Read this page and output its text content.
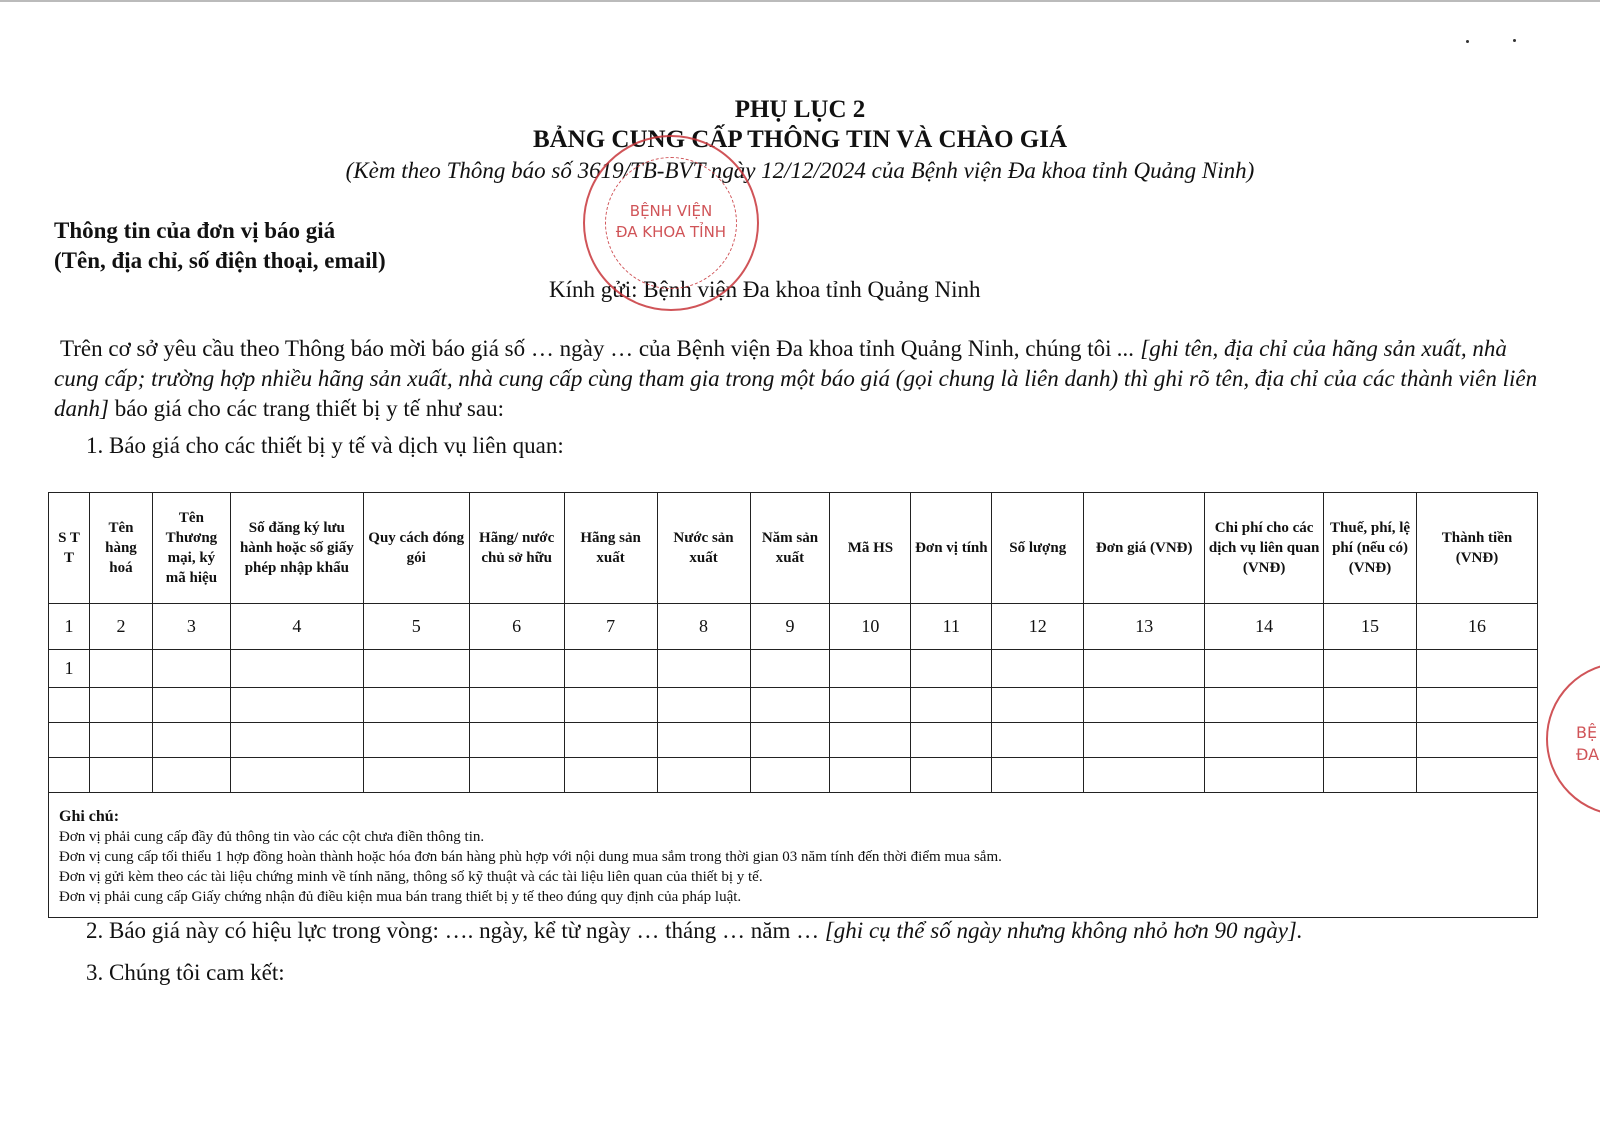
PHỤ LỤC 2
BẢNG CUNG CẤP THÔNG TIN VÀ CHÀO GIÁ
(Kèm theo Thông báo số 3619/TB-BVT ngày 12/12/2024 của Bệnh viện Đa khoa tỉnh Quảng Ninh)
Thông tin của đơn vị báo giá
(Tên, địa chỉ, số điện thoại, email)
Kính gửi: Bệnh viện Đa khoa tỉnh Quảng Ninh
Trên cơ sở yêu cầu theo Thông báo mời báo giá số … ngày … của Bệnh viện Đa khoa tỉnh Quảng Ninh, chúng tôi ... [ghi tên, địa chỉ của hãng sản xuất, nhà cung cấp; trường hợp nhiều hãng sản xuất, nhà cung cấp cùng tham gia trong một báo giá (gọi chung là liên danh) thì ghi rõ tên, địa chỉ của các thành viên liên danh] báo giá cho các trang thiết bị y tế như sau:
1. Báo giá cho các thiết bị y tế và dịch vụ liên quan:
S T T	Tên hàng hoá	Tên Thương mại, ký mã hiệu	Số đăng ký lưu hành hoặc số giấy phép nhập khẩu	Quy cách đóng gói	Hãng/ nước chủ sở hữu	Hãng sản xuất	Nước sản xuất	Năm sản xuất	Mã HS	Đơn vị tính	Số lượng	Đơn giá (VNĐ)	Chi phí cho các dịch vụ liên quan (VNĐ)	Thuế, phí, lệ phí (nếu có) (VNĐ)	Thành tiền (VNĐ)
1	2	3	4	5	6	7	8	9	10	11	12	13	14	15	16
1															

Ghi chú:
Đơn vị phải cung cấp đầy đủ thông tin vào các cột chưa điền thông tin.
Đơn vị cung cấp tối thiểu 1 hợp đồng hoàn thành hoặc hóa đơn bán hàng phù hợp với nội dung mua sắm trong thời gian 03 năm tính đến thời điểm mua sắm.
Đơn vị gửi kèm theo các tài liệu chứng minh về tính năng, thông số kỹ thuật và các tài liệu liên quan của thiết bị y tế.
Đơn vị phải cung cấp Giấy chứng nhận đủ điều kiện mua bán trang thiết bị y tế theo đúng quy định của pháp luật.
2. Báo giá này có hiệu lực trong vòng: …. ngày, kể từ ngày … tháng … năm … [ghi cụ thể số ngày nhưng không nhỏ hơn 90 ngày].
3. Chúng tôi cam kết:
BỆNH VIỆN
ĐA KHOA TỈNH
BỆ
ĐA
